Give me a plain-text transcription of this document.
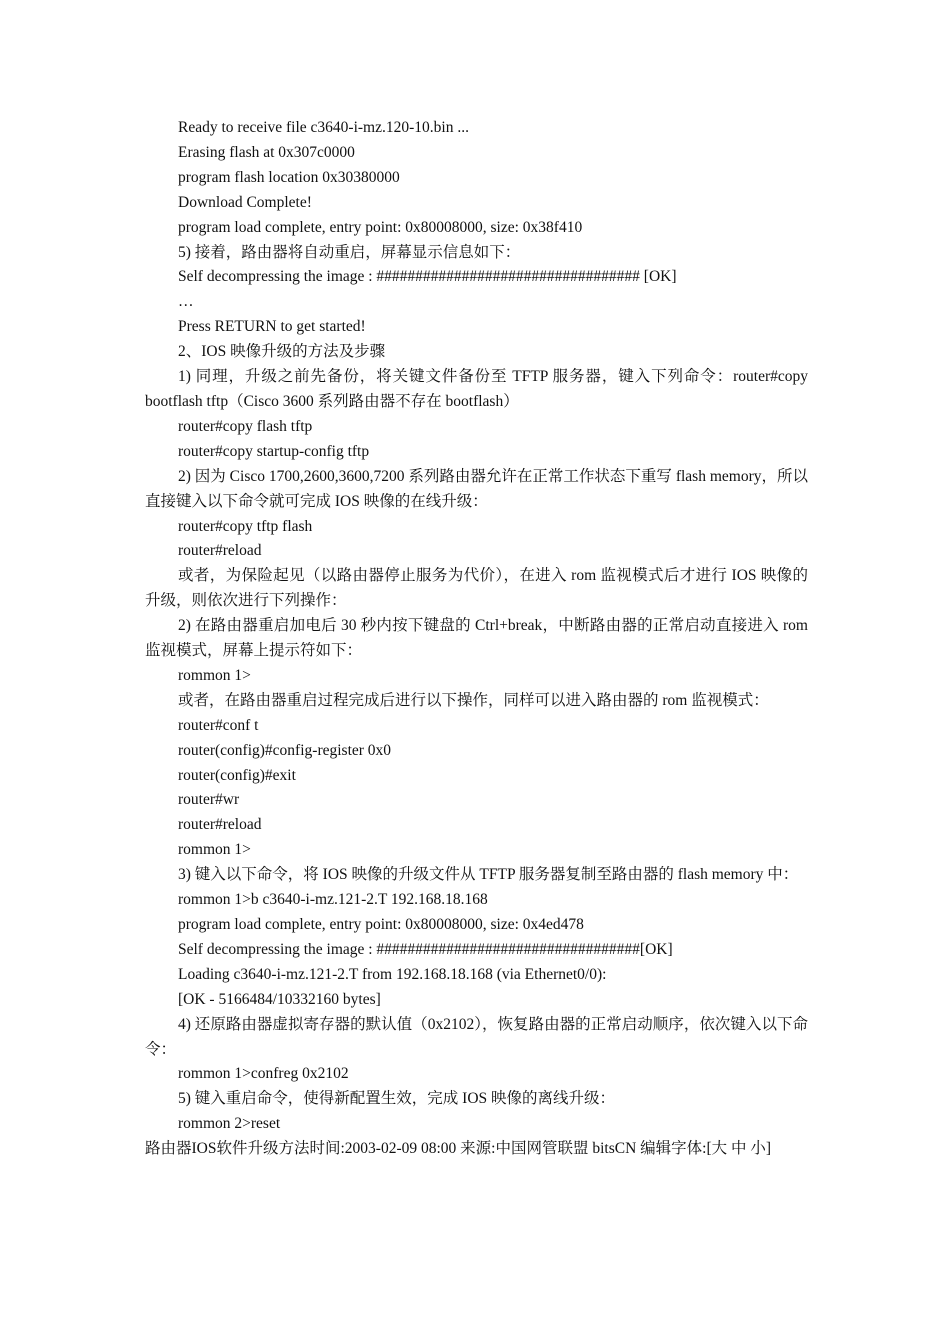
Ready to receive file c3640-i-mz.120-10.bin ...

Erasing flash at 0x307c0000

program flash location 0x30380000

Download Complete!

program load complete, entry point: 0x80008000, size: 0x38f410

5) 接着，路由器将自动重启，屏幕显示信息如下：

Self decompressing the image : ################################## [OK]

…

Press RETURN to get started!

2、IOS 映像升级的方法及步骤

1) 同理，升级之前先备份，将关键文件备份至 TFTP 服务器，键入下列命令：router#copy bootflash tftp（Cisco 3600 系列路由器不存在 bootflash）

router#copy flash tftp

router#copy startup-config tftp

2) 因为 Cisco 1700,2600,3600,7200 系列路由器允许在正常工作状态下重写 flash memory，所以直接键入以下命令就可完成 IOS 映像的在线升级：

router#copy tftp flash

router#reload

或者，为保险起见（以路由器停止服务为代价），在进入 rom 监视模式后才进行 IOS 映像的升级，则依次进行下列操作：

2) 在路由器重启加电后 30 秒内按下键盘的 Ctrl+break，中断路由器的正常启动直接进入 rom 监视模式，屏幕上提示符如下：

rommon 1>

或者，在路由器重启过程完成后进行以下操作，同样可以进入路由器的 rom 监视模式：

router#conf t

router(config)#config-register 0x0

router(config)#exit

router#wr

router#reload

rommon 1>

3) 键入以下命令，将 IOS 映像的升级文件从 TFTP 服务器复制至路由器的 flash memory 中：

rommon 1>b c3640-i-mz.121-2.T 192.168.18.168

program load complete, entry point: 0x80008000, size: 0x4ed478

Self decompressing the image : ##################################[OK]

Loading c3640-i-mz.121-2.T from 192.168.18.168 (via Ethernet0/0):

[OK - 5166484/10332160 bytes]

4) 还原路由器虚拟寄存器的默认值（0x2102），恢复路由器的正常启动顺序，依次键入以下命令：

rommon 1>confreg 0x2102

5) 键入重启命令，使得新配置生效，完成 IOS 映像的离线升级：

rommon 2>reset

路由器IOS软件升级方法时间:2003-02-09 08:00 来源:中国网管联盟 bitsCN 编辑字体:[大 中 小]
